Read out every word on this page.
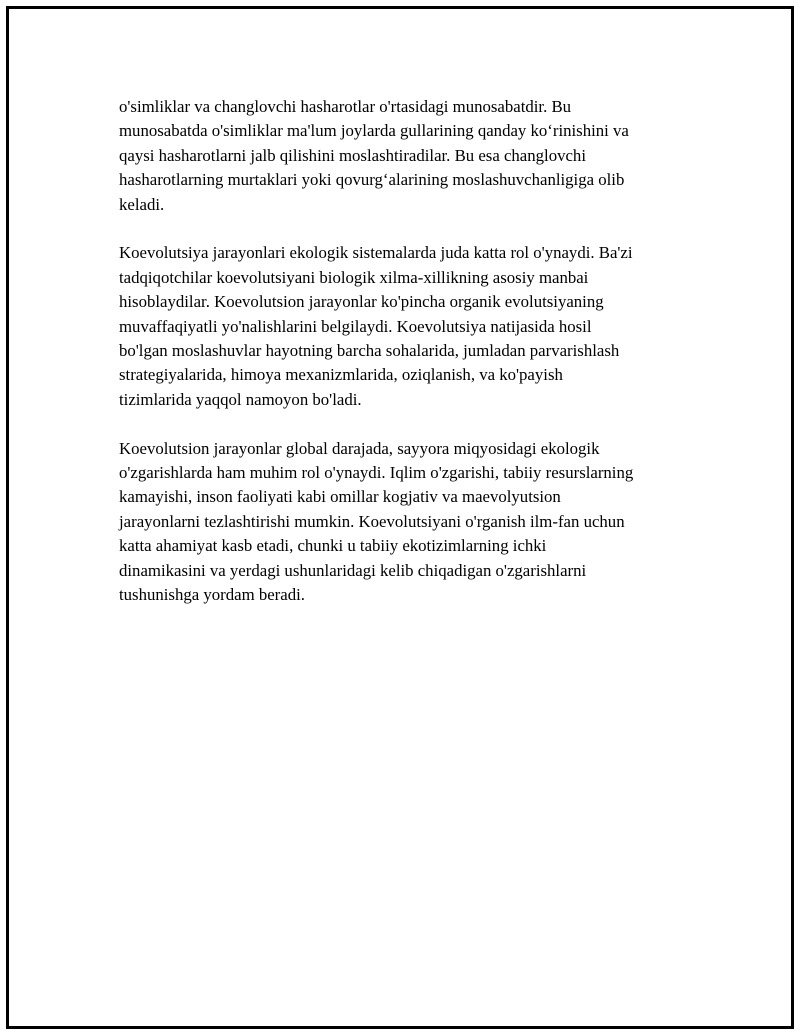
o'simliklar va changlovchi hasharotlar o'rtasidagi munosabatdir. Bu
munosabatda o'simliklar ma'lum joylarda gullarining qanday ko‘rinishini va
qaysi hasharotlarni jalb qilishini moslashtiradilar. Bu esa changlovchi
hasharotlarning murtaklari yoki qovurg‘alarining moslashuvchanligiga olib
keladi.

Koevolutsiya jarayonlari ekologik sistemalarda juda katta rol o'ynaydi. Ba'zi
tadqiqotchilar koevolutsiyani biologik xilma-xillikning asosiy manbai
hisoblaydilar. Koevolutsion jarayonlar ko'pincha organik evolutsiyaning
muvaffaqiyatli yo'nalishlarini belgilaydi. Koevolutsiya natijasida hosil
bo'lgan moslashuvlar hayotning barcha sohalarida, jumladan parvarishlash
strategiyalarida, himoya mexanizmlarida, oziqlanish, va ko'payish
tizimlarida yaqqol namoyon bo'ladi.

Koevolutsion jarayonlar global darajada, sayyora miqyosidagi ekologik
o'zgarishlarda ham muhim rol o'ynaydi. Iqlim o'zgarishi, tabiiy resurslarning
kamayishi, inson faoliyati kabi omillar kogjativ va maevolyutsion
jarayonlarni tezlashtirishi mumkin. Koevolutsiyani o'rganish ilm-fan uchun
katta ahamiyat kasb etadi, chunki u tabiiy ekotizimlarning ichki
dinamikasini va yerdagi ushunlaridagi kelib chiqadigan o'zgarishlarni
tushunishga yordam beradi.
